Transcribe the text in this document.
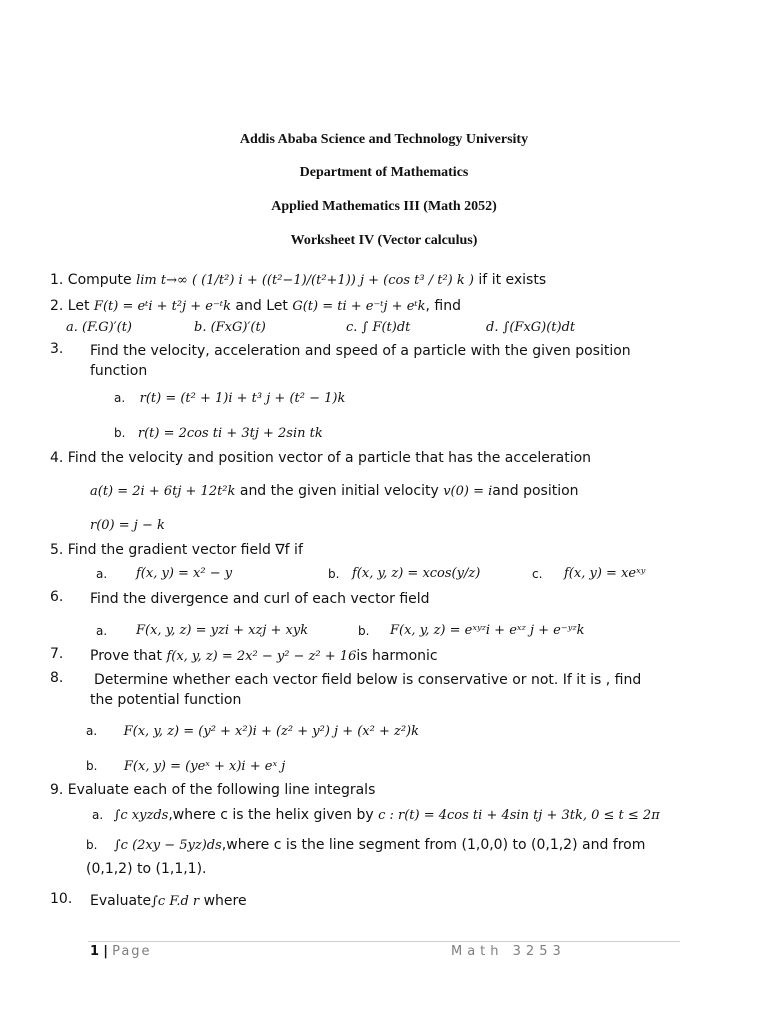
Addis Ababa Science and Technology University
Department of Mathematics
Applied Mathematics III (Math 2052)
Worksheet IV (Vector calculus)
1. Compute lim t→∞ ( (1/t²) i + ((t²−1)/(t²+1)) j + (cos t³ / t²) k ) if it exists
2. Let F(t) = eᵗi + t²j + e⁻ᵗk and Let G(t) = ti + e⁻ᵗj + eᵗk, find
a. (F.G)′(t)	b. (FxG)′(t)	c. ∫ F(t)dt	d. ∫(FxG)(t)dt
3. Find the velocity, acceleration and speed of a particle with the given position
function
a. r(t) = (t² + 1)i + t³ j + (t² − 1)k
b. r(t) = 2cos ti + 3tj + 2sin tk
4. Find the velocity and position vector of a particle that has the acceleration
a(t) = 2i + 6tj + 12t²k and the given initial velocity v(0) = iand position
r(0) = j − k
5. Find the gradient vector field ∇f if
a. f(x, y) = x² − y	b. f(x, y, z) = xcos(y/z)	c. f(x, y) = xeˣʸ
6. Find the divergence and curl of each vector field
a. F(x, y, z) = yzi + xzj + xyk	b. F(x, y, z) = eˣʸᶻi + eˣᶻ j + e⁻ʸᶻk
7. Prove that f(x, y, z) = 2x² − y² − z² + 16is harmonic
8. Determine whether each vector field below is conservative or not. If it is , find
the potential function
a. F(x, y, z) = (y² + x²)i + (z² + y²) j + (x² + z²)k
b. F(x, y) = (yeˣ + x)i + eˣ j
9. Evaluate each of the following line integrals
a. ∫c xyzds,where c is the helix given by c : r(t) = 4cos ti + 4sin tj + 3tk, 0 ≤ t ≤ 2π
b. ∫c (2xy − 5yz)ds,where c is the line segment from (1,0,0) to (0,1,2) and from
(0,1,2) to (1,1,1).
10. Evaluate∫c F.d r where
1 | Page	Math 3253
